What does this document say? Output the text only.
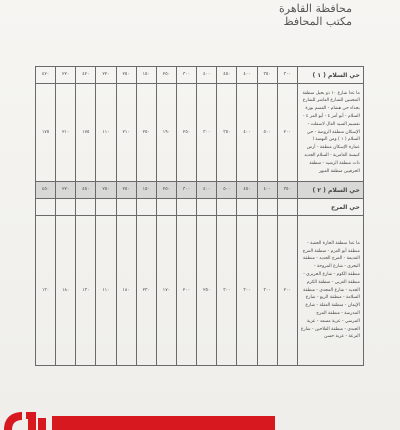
محافظة القاهرة
مكتب المحافظ
حي السلام ( ١ )	٣٠٠	٣٥٠	٤٠٠	٤٥٠	٤٠٠	٣٠٠	٢٥٠	١٥٠	٢٥٠	٢٢٠	٤٢٠	٢٢٠	٤٢٠
ما عدا شارع ١٠ ذو بحيل منطقة المجتبين للشارع العاشر للشارع بحذاء حي هشام - القسم بورة السلام - أبو أمر ٤ - أبو المز ٤ - تقسيم السيد العال لاسفلت - الإسكان منطقة الروضة - حي السلام ( ١ ) ومن النهضة ا عمارة الإسكان منطقة - أرض كنيسة العامرية - السلام الجديد ذات منطقة الرشيد - منطقة الحرفيين منطقة العبور	٢٠٠	٥٠٠	٤٠٠	٣٥٠	٣٠٠	٢٥٠	١٩٠	٢٥٠	٢١٠	١١٠	١٧٥	٢١٠	١٧٥
حي السلام ( ٢ )	٣٥٠	٤٠٠	٤٥٠	٥٠٠	٤٠٠	٣٠٠	٢٥٠	١٥٠	٢٥٠	٢٥٠	٤٥٠	٢٢٠	٤٥٠
حي المرج													
ما عدا منطقة الحارة الحقبة - منطقة أبو العزم - منطقة المرج القديمة - المرج الجديد - منطقة البحري - شارع المروحة - منطقة الكوم - شارع الحريري - منطقة الغربي - منطقة الكرم الجديد - شارع المجدي - منطقة السلامة - منطقة الربع - شارع الإيمان - منطقة العقلة - شارع المدرسة - منطقة المرج المرسي - عزبة مسعد - عزبة الجندي - منطقة الفلاحين - شارع الترعة - عزبة حسن	٢٠٠	٣٠٠	٣٠٠	٣٠٠	٢٥٠	٢٠٠	١٧٠	٢٣٠	١٨٠	١١٠	١٣٠	١٨٠	١٣٠
